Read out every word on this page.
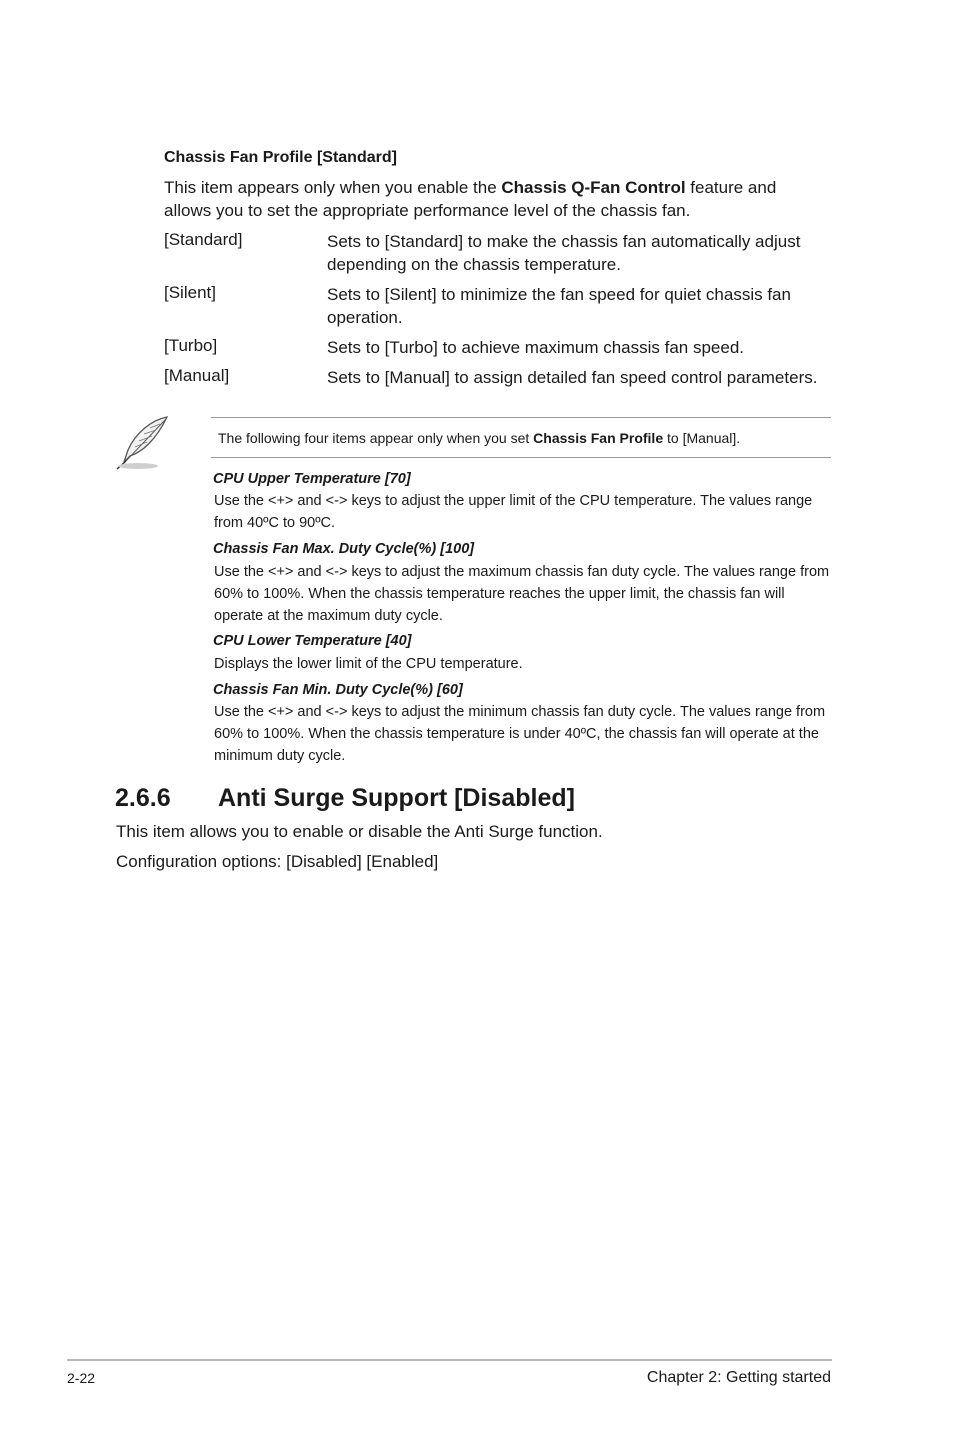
Chassis Fan Profile [Standard]
This item appears only when you enable the Chassis Q-Fan Control feature and allows you to set the appropriate performance level of the chassis fan.
[Standard]	Sets to [Standard] to make the chassis fan automatically adjust depending on the chassis temperature.
[Silent]	Sets to [Silent] to minimize the fan speed for quiet chassis fan operation.
[Turbo]	Sets to [Turbo] to achieve maximum chassis fan speed.
[Manual]	Sets to [Manual] to assign detailed fan speed control parameters.
The following four items appear only when you set Chassis Fan Profile to [Manual].
CPU Upper Temperature [70]
Use the <+> and <-> keys to adjust the upper limit of the CPU temperature. The values range from 40ºC to 90ºC.
Chassis Fan Max. Duty Cycle(%) [100]
Use the <+> and <-> keys to adjust the maximum chassis fan duty cycle. The values range from 60% to 100%. When the chassis temperature reaches the upper limit, the chassis fan will operate at the maximum duty cycle.
CPU Lower Temperature [40]
Displays the lower limit of the CPU temperature.
Chassis Fan Min. Duty Cycle(%) [60]
Use the <+> and <-> keys to adjust the minimum chassis fan duty cycle. The values range from 60% to 100%. When the chassis temperature is under 40ºC, the chassis fan will operate at the minimum duty cycle.
2.6.6 Anti Surge Support [Disabled]
This item allows you to enable or disable the Anti Surge function.
Configuration options: [Disabled] [Enabled]
2-22	Chapter 2: Getting started
